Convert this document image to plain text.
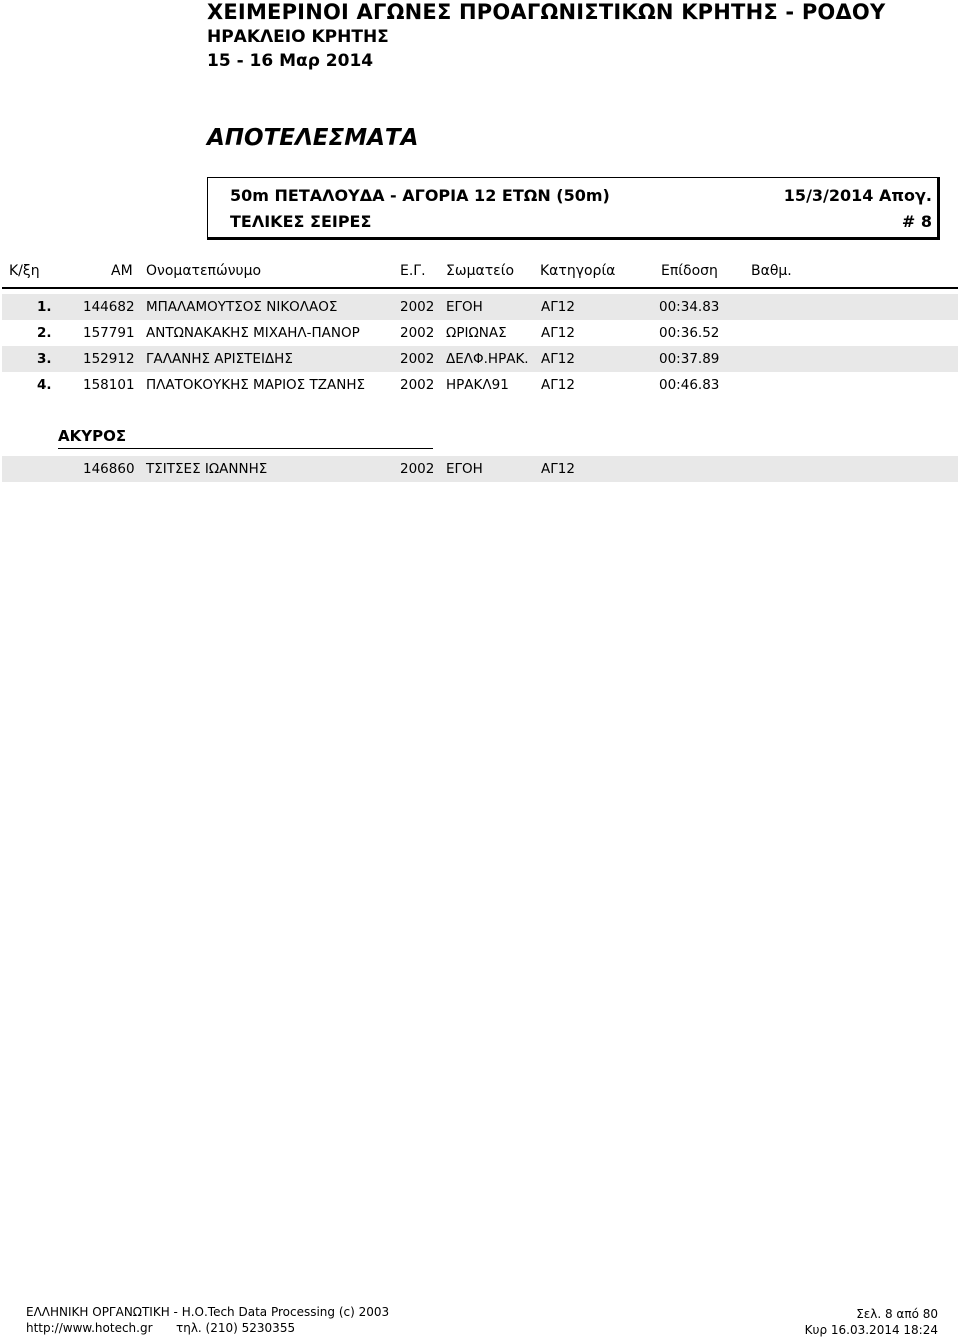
ΧΕΙΜΕΡΙΝΟΙ ΑΓΩΝΕΣ ΠΡΟΑΓΩΝΙΣΤΙΚΩΝ ΚΡΗΤΗΣ - ΡΟΔΟΥ
ΗΡΑΚΛΕΙΟ ΚΡΗΤΗΣ
15 - 16 Μαρ 2014
ΑΠΟΤΕΛΕΣΜΑΤΑ
50m ΠΕΤΑΛΟΥΔΑ - ΑΓΟΡΙΑ 12 ΕΤΩΝ (50m)	15/3/2014 Απογ.
ΤΕΛΙΚΕΣ ΣΕΙΡΕΣ	# 8
Κ/ξη	ΑΜ Ονοματεπώνυμο	Ε.Γ. Σωματείο Κατηγορία	Επίδοση Βαθμ.
1. 144682 ΜΠΑΛΑΜΟΥΤΣΟΣ ΝΙΚΟΛΑΟΣ	2002 ΕΓΟΗ	ΑΓ12	00:34.83
2. 157791 ΑΝΤΩΝΑΚΑΚΗΣ ΜΙΧΑΗΛ-ΠΑΝΟΡ	2002 ΩΡΙΩΝΑΣ	ΑΓ12	00:36.52
3. 152912 ΓΑΛΑΝΗΣ ΑΡΙΣΤΕΙΔΗΣ	2002 ΔΕΛΦ.ΗΡΑΚ. ΑΓ12	00:37.89
4. 158101 ΠΛΑΤΟΚΟΥΚΗΣ ΜΑΡΙΟΣ ΤΖΑΝΗΣ	2002 ΗΡΑΚΛ91 ΑΓ12	00:46.83
ΑΚΥΡΟΣ
146860 ΤΣΙΤΣΕΣ ΙΩΑΝΝΗΣ	2002 ΕΓΟΗ	ΑΓ12
ΕΛΛΗΝΙΚΗ ΟΡΓΑΝΩΤΙΚΗ - Η.Ο.Tech Data Processing (c) 2003
http://www.hotech.gr τηλ. (210) 5230355
Σελ. 8 από 80
Κυρ 16.03.2014 18:24
